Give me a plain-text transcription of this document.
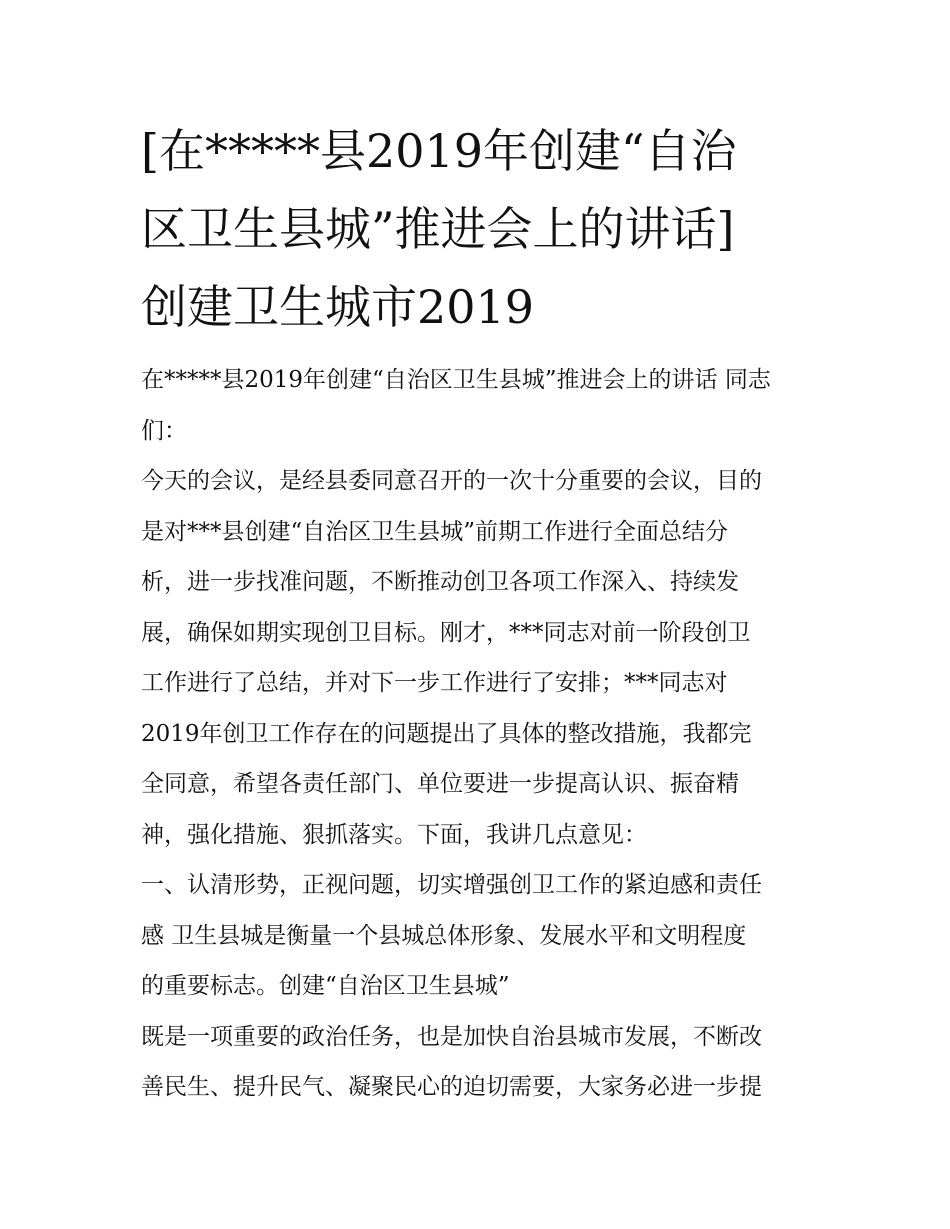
[在*****县2019年创建“自治
区卫生县城”推进会上的讲话]
创建卫生城市2019
在*****县2019年创建“自治区卫生县城”推进会上的讲话 同志
们：
今天的会议，是经县委同意召开的一次十分重要的会议，目的
是对***县创建“自治区卫生县城”前期工作进行全面总结分
析，进一步找准问题，不断推动创卫各项工作深入、持续发
展，确保如期实现创卫目标。刚才，***同志对前一阶段创卫
工作进行了总结，并对下一步工作进行了安排；***同志对
2019年创卫工作存在的问题提出了具体的整改措施，我都完
全同意，希望各责任部门、单位要进一步提高认识、振奋精
神，强化措施、狠抓落实。下面，我讲几点意见：
一、认清形势，正视问题，切实增强创卫工作的紧迫感和责任
感 卫生县城是衡量一个县城总体形象、发展水平和文明程度
的重要标志。创建“自治区卫生县城”
既是一项重要的政治任务，也是加快自治县城市发展，不断改
善民生、提升民气、凝聚民心的迫切需要，大家务必进一步提
